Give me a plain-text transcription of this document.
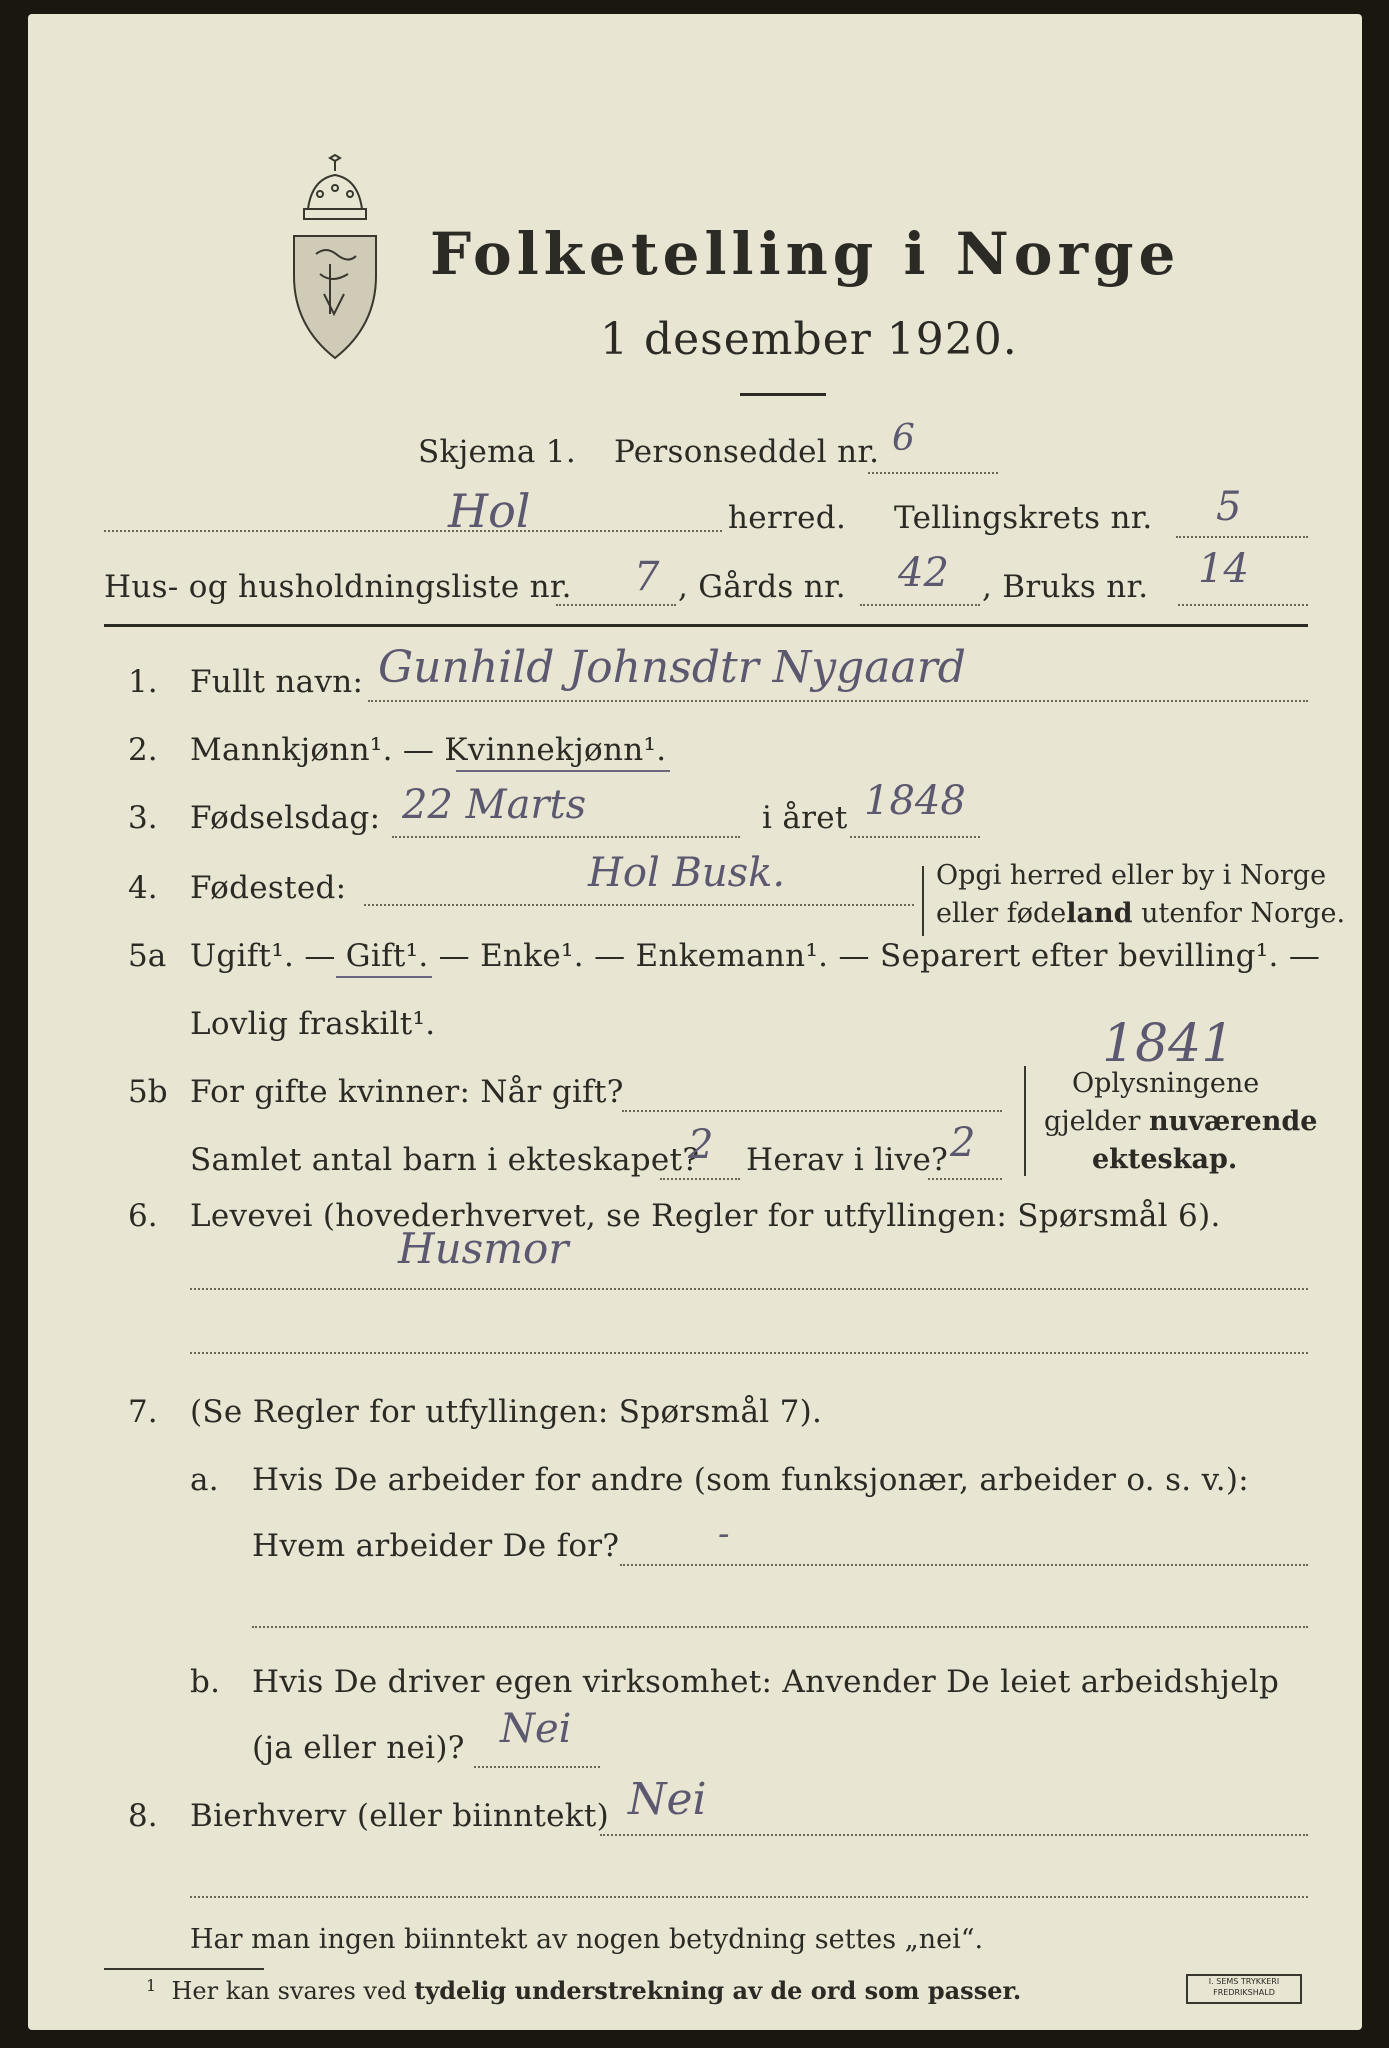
Folketelling i Norge
1 desember 1920.
Skjema 1. Personseddel nr. 6
Hol	herred. Tellingskrets nr. 5
Hus- og husholdningsliste nr. 7 , Gårds nr. 42 , Bruks nr. 14
1. Fullt navn: Gunhild Johnsdtr Nygaard
2. Mannkjønn¹. — Kvinnekjønn¹.
3. Fødselsdag: 22 Marts	i året 1848
4. Fødested:	Hol Busk.	Opgi herred eller by i Norge
eller fødeland utenfor Norge.
5a Ugift¹. — Gift¹. — Enke¹. — Enkemann¹. — Separert efter bevilling¹. —
Lovlig fraskilt¹.
5b For gifte kvinner: Når gift?
1841
Samlet antal barn i ekteskapet?
2 Herav i live? 2
Oplysningene
gjelder nuværende
ekteskap.
6. Levevei (hovederhvervet, se Regler for utfyllingen: Spørsmål 6).
Husmor
7. (Se Regler for utfyllingen: Spørsmål 7).
a. Hvis De arbeider for andre (som funksjonær, arbeider o. s. v.):
Hvem arbeider De for?	-
b. Hvis De driver egen virksomhet: Anvender De leiet arbeidshjelp
(ja eller nei)? Nei
8. Bierhverv (eller biinntekt) Nei
Har man ingen biinntekt av nogen betydning settes „nei“.
$^1$ Her kan svares ved tydelig understrekning av de ord som passer.	I. SEMS TRYKKERI FREDRIKSHALD
